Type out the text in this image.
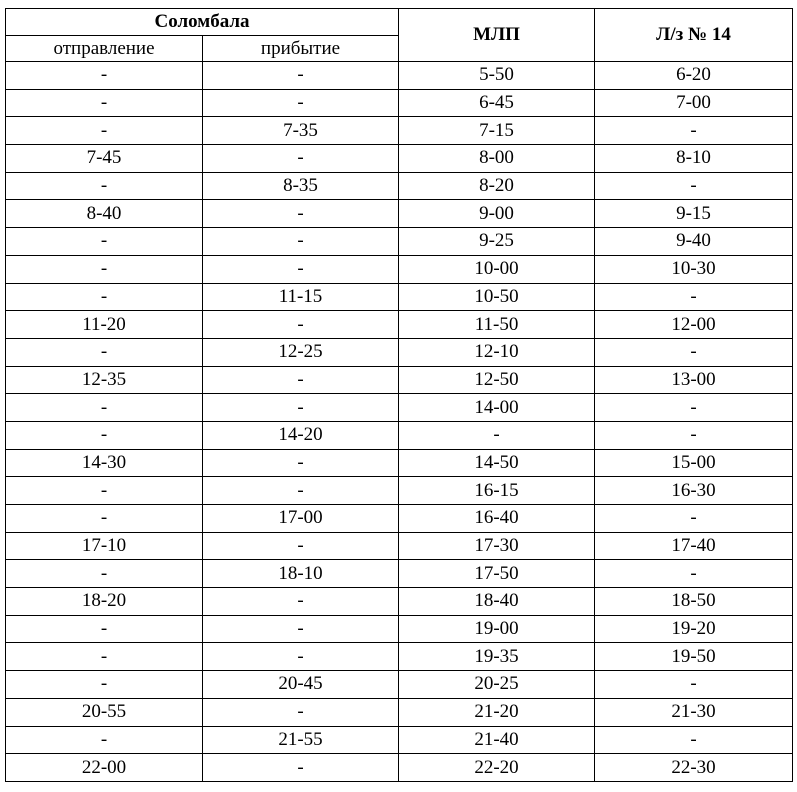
Соломбала		МЛП	Л/з № 14
отправление	прибытие		
-	-	5-50	6-20
-	-	6-45	7-00
-	7-35	7-15	-
7-45	-	8-00	8-10
-	8-35	8-20	-
8-40	-	9-00	9-15
-	-	9-25	9-40
-	-	10-00	10-30
-	11-15	10-50	-
11-20	-	11-50	12-00
-	12-25	12-10	-
12-35	-	12-50	13-00
-	-	14-00	-
-	14-20	-	-
14-30	-	14-50	15-00
-	-	16-15	16-30
-	17-00	16-40	-
17-10	-	17-30	17-40
-	18-10	17-50	-
18-20	-	18-40	18-50
-	-	19-00	19-20
-	-	19-35	19-50
-	20-45	20-25	-
20-55	-	21-20	21-30
-	21-55	21-40	-
22-00	-	22-20	22-30
